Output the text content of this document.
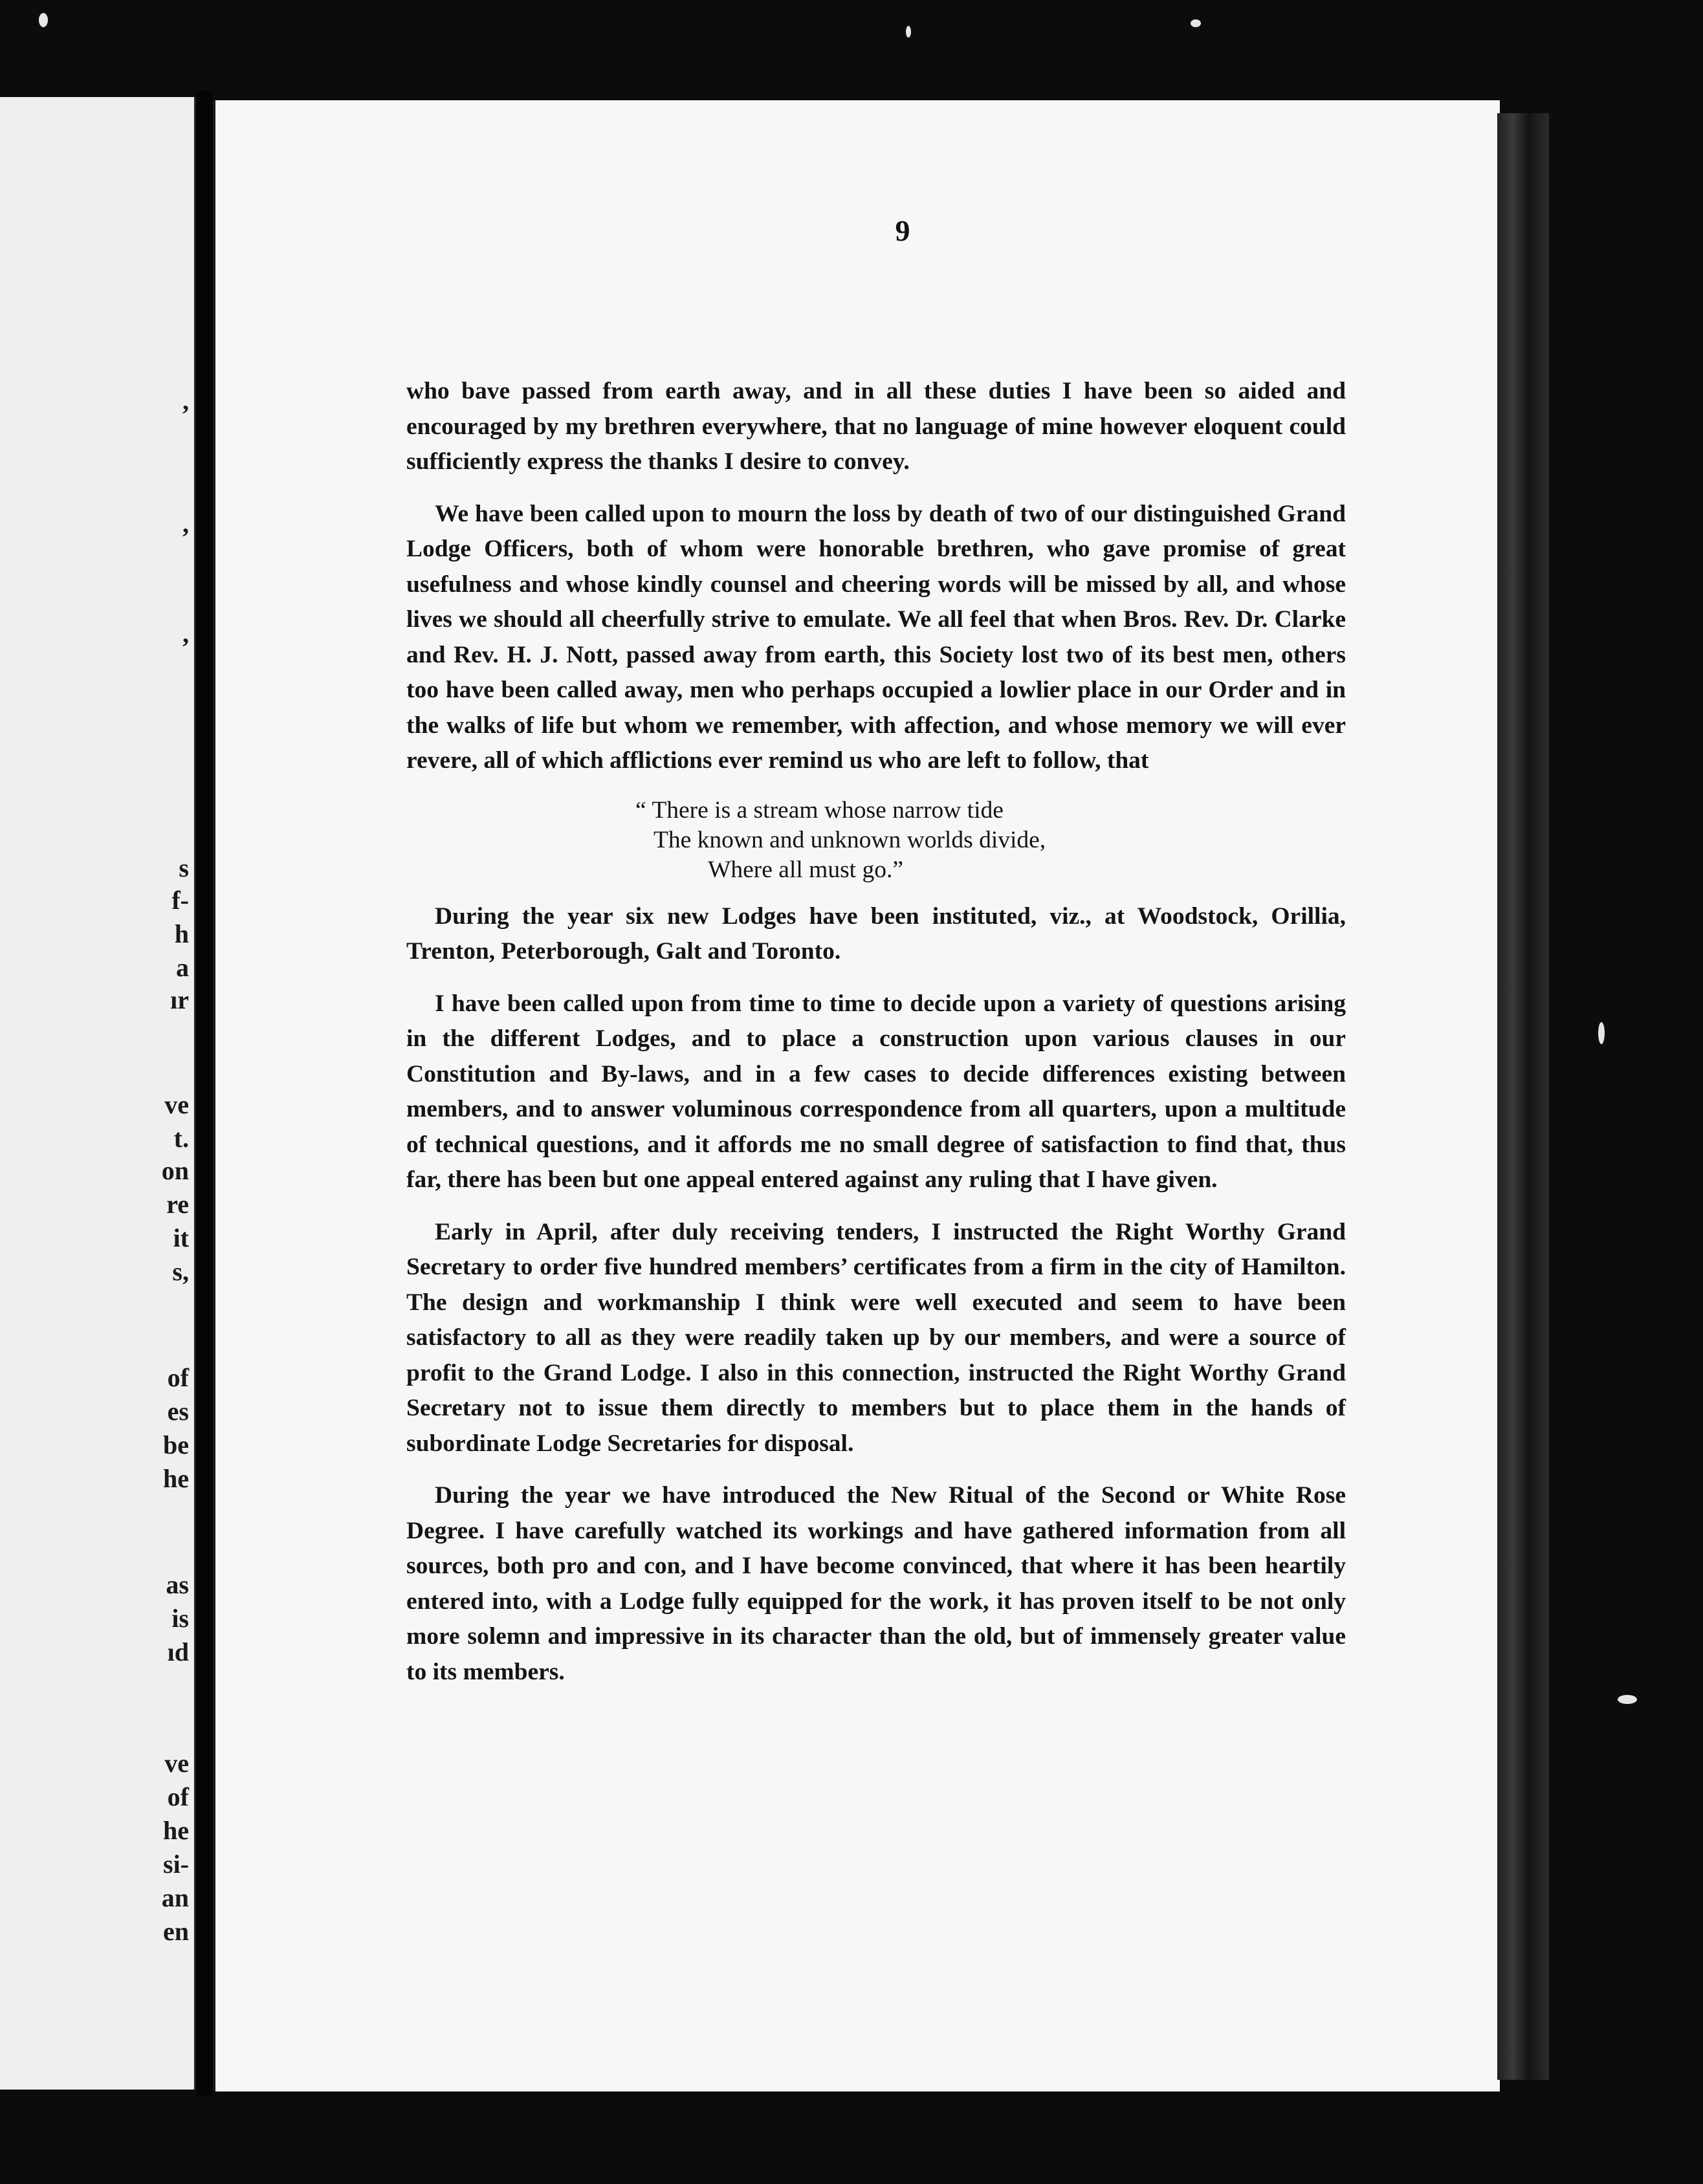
,
,
,
s
f-
h
a
ır
ve
t.
on
re
it
s,
of
es
be
he
as
is
ıd
ve
of
he
si-
an
en
9

who bave passed from earth away, and in all these duties I have been so aided and encouraged by my brethren everywhere, that no language of mine however eloquent could sufficiently express the thanks I desire to convey.

We have been called upon to mourn the loss by death of two of our distinguished Grand Lodge Officers, both of whom were honorable brethren, who gave promise of great usefulness and whose kindly counsel and cheering words will be missed by all, and whose lives we should all cheerfully strive to emulate. We all feel that when Bros. Rev. Dr. Clarke and Rev. H. J. Nott, passed away from earth, this Society lost two of its best men, others too have been called away, men who perhaps occupied a lowlier place in our Order and in the walks of life but whom we remember, with affection, and whose memory we will ever revere, all of which afflictions ever remind us who are left to follow, that

“ There is a stream whose narrow tide
The known and unknown worlds divide,
Where all must go.”

During the year six new Lodges have been instituted, viz., at Woodstock, Orillia, Trenton, Peterborough, Galt and Toronto.

I have been called upon from time to time to decide upon a variety of questions arising in the different Lodges, and to place a construction upon various clauses in our Constitution and By-laws, and in a few cases to decide differences existing between members, and to answer voluminous correspondence from all quarters, upon a multitude of technical questions, and it affords me no small degree of satisfaction to find that, thus far, there has been but one appeal entered against any ruling that I have given.

Early in April, after duly receiving tenders, I instructed the Right Worthy Grand Secretary to order five hundred members’ certificates from a firm in the city of Hamilton. The design and workmanship I think were well executed and seem to have been satisfactory to all as they were readily taken up by our members, and were a source of profit to the Grand Lodge. I also in this connection, instructed the Right Worthy Grand Secretary not to issue them directly to members but to place them in the hands of subordinate Lodge Secretaries for disposal.

During the year we have introduced the New Ritual of the Second or White Rose Degree. I have carefully watched its workings and have gathered information from all sources, both pro and con, and I have become convinced, that where it has been heartily entered into, with a Lodge fully equipped for the work, it has proven itself to be not only more solemn and impressive in its character than the old, but of immensely greater value to its members.
